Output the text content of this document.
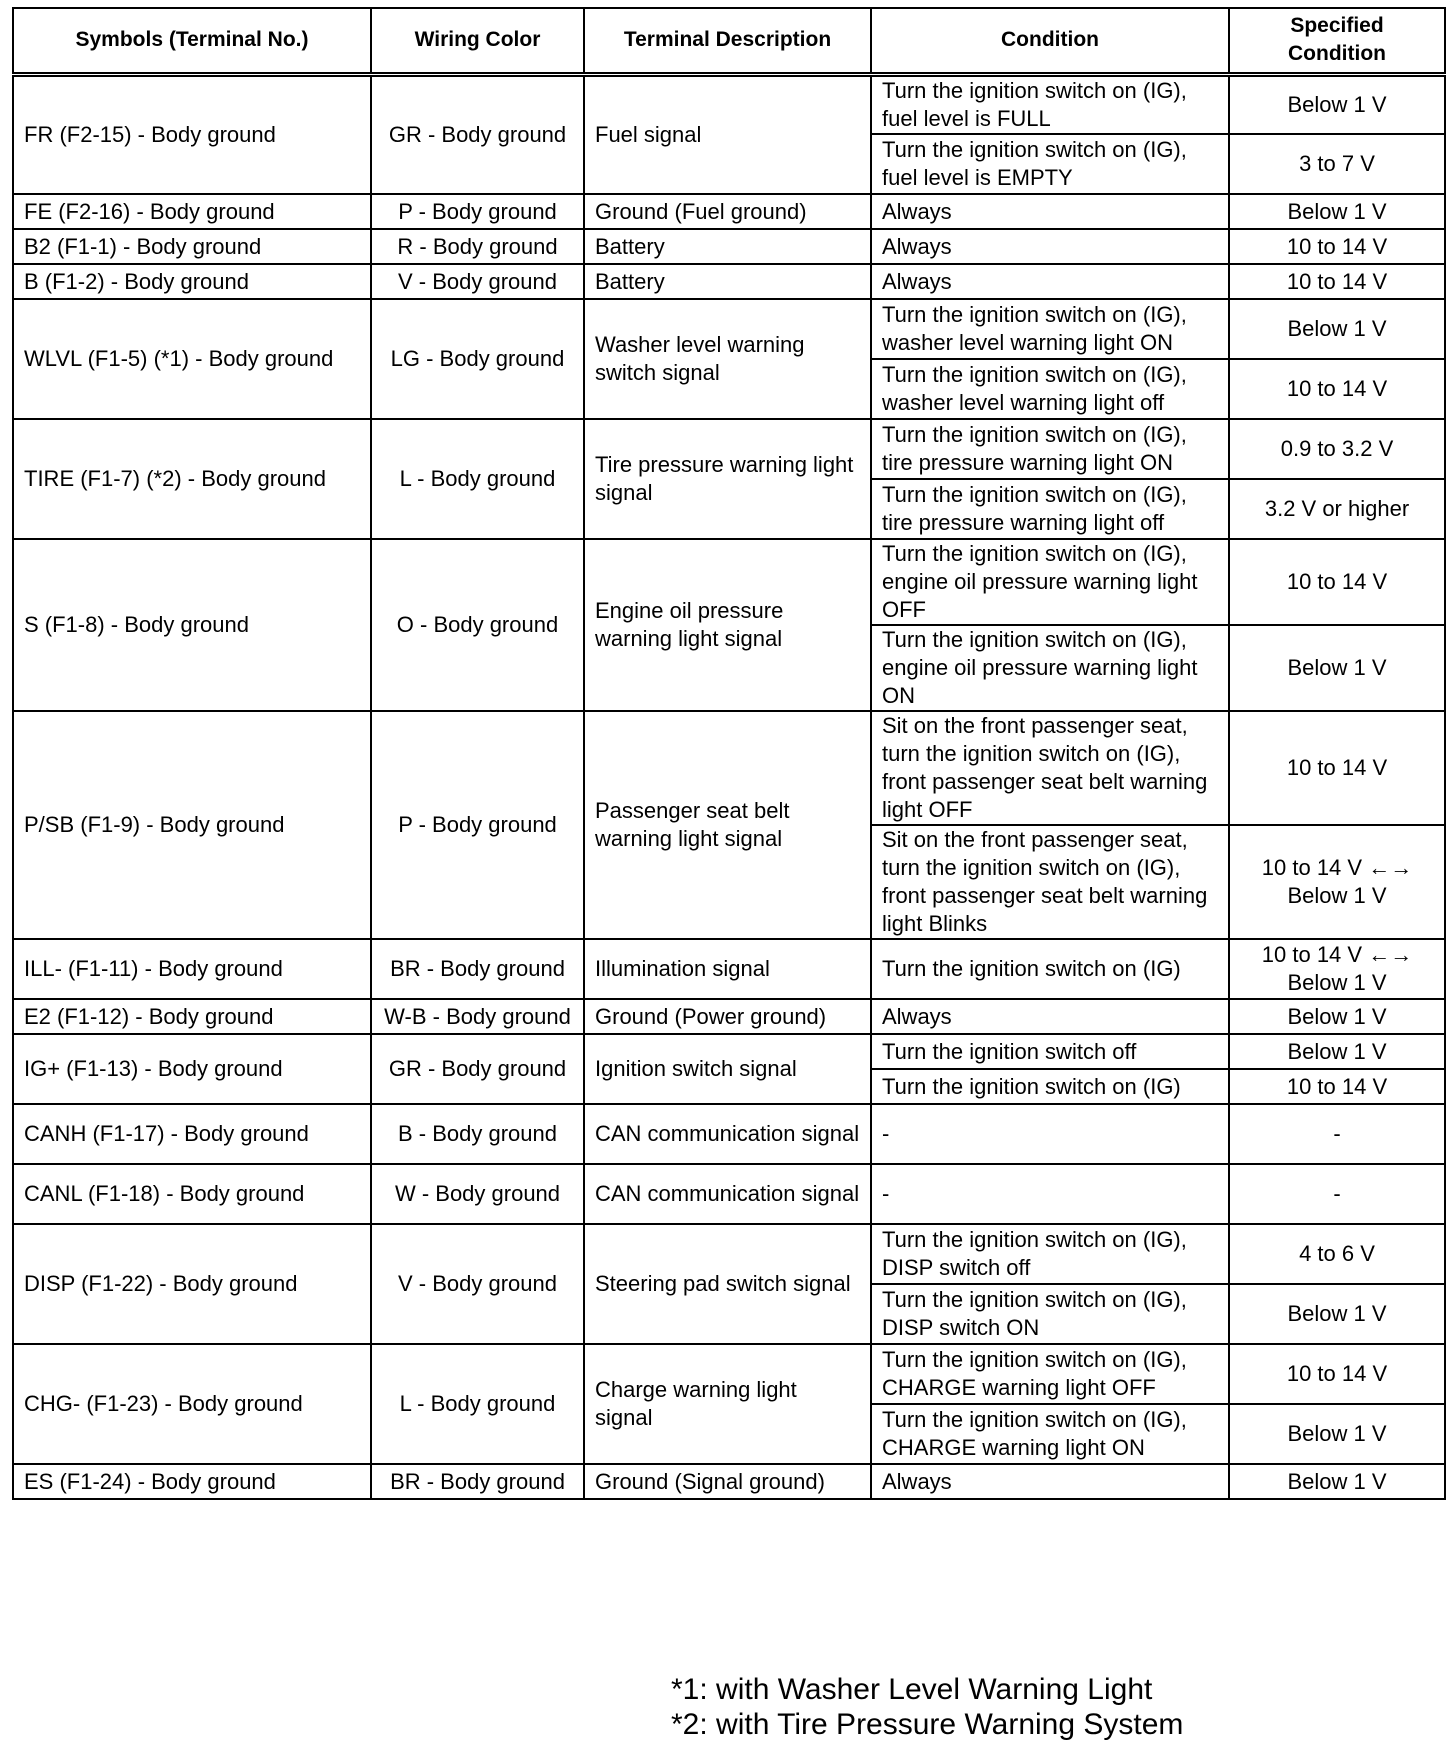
Symbols (Terminal No.)	Wiring Color	Terminal Description	Condition	Specified
Condition
FR (F2-15) - Body ground	GR - Body ground	Fuel signal	Turn the ignition switch on (IG), fuel level is FULL	Below 1 V
			Turn the ignition switch on (IG), fuel level is EMPTY	3 to 7 V
FE (F2-16) - Body ground	P - Body ground	Ground (Fuel ground)	Always	Below 1 V
B2 (F1-1) - Body ground	R - Body ground	Battery	Always	10 to 14 V
B (F1-2) - Body ground	V - Body ground	Battery	Always	10 to 14 V
WLVL (F1-5) (*1) - Body ground	LG - Body ground	Washer level warning switch signal	Turn the ignition switch on (IG), washer level warning light ON	Below 1 V
			Turn the ignition switch on (IG), washer level warning light off	10 to 14 V
TIRE (F1-7) (*2) - Body ground	L - Body ground	Tire pressure warning light signal	Turn the ignition switch on (IG), tire pressure warning light ON	0.9 to 3.2 V
			Turn the ignition switch on (IG), tire pressure warning light off	3.2 V or higher
S (F1-8) - Body ground	O - Body ground	Engine oil pressure warning light signal	Turn the ignition switch on (IG), engine oil pressure warning light OFF	10 to 14 V
			Turn the ignition switch on (IG), engine oil pressure warning light ON	Below 1 V
P/SB (F1-9) - Body ground	P - Body ground	Passenger seat belt warning light signal	Sit on the front passenger seat, turn the ignition switch on (IG), front passenger seat belt warning light OFF	10 to 14 V
			Sit on the front passenger seat, turn the ignition switch on (IG), front passenger seat belt warning light Blinks	10 to 14 V ←→ Below 1 V
ILL- (F1-11) - Body ground	BR - Body ground	Illumination signal	Turn the ignition switch on (IG)	10 to 14 V ←→ Below 1 V
E2 (F1-12) - Body ground	W-B - Body ground	Ground (Power ground)	Always	Below 1 V
IG+ (F1-13) - Body ground	GR - Body ground	Ignition switch signal	Turn the ignition switch off	Below 1 V
			Turn the ignition switch on (IG)	10 to 14 V
CANH (F1-17) - Body ground	B - Body ground	CAN communication signal	-	-
CANL (F1-18) - Body ground	W - Body ground	CAN communication signal	-	-
DISP (F1-22) - Body ground	V - Body ground	Steering pad switch signal	Turn the ignition switch on (IG), DISP switch off	4 to 6 V
			Turn the ignition switch on (IG), DISP switch ON	Below 1 V
CHG- (F1-23) - Body ground	L - Body ground	Charge warning light signal	Turn the ignition switch on (IG), CHARGE warning light OFF	10 to 14 V
			Turn the ignition switch on (IG), CHARGE warning light ON	Below 1 V
ES (F1-24) - Body ground	BR - Body ground	Ground (Signal ground)	Always	Below 1 V
*1: with Washer Level Warning Light
*2: with Tire Pressure Warning System
